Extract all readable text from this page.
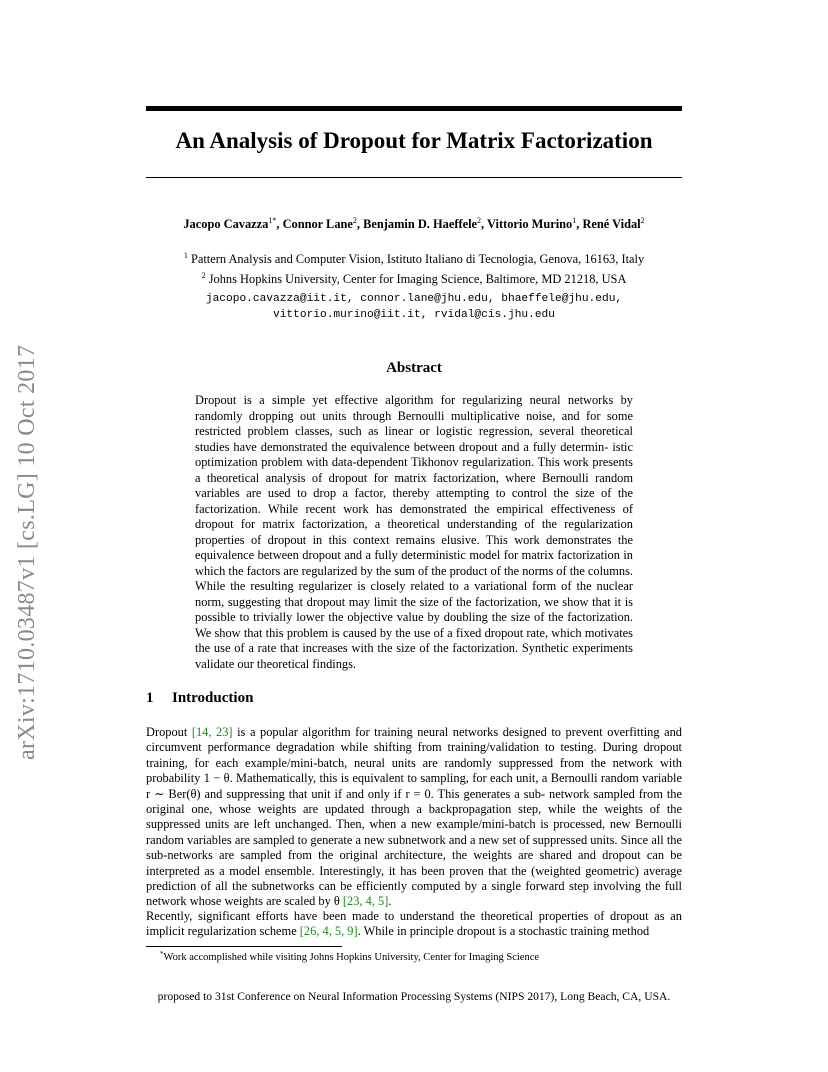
arXiv:1710.03487v1 [cs.LG] 10 Oct 2017
An Analysis of Dropout for Matrix Factorization
Jacopo Cavazza$^{1*}$, Connor Lane$^2$, Benjamin D. Haeffele$^2$, Vittorio Murino$^1$, René Vidal$^2$
$^1$ Pattern Analysis and Computer Vision, Istituto Italiano di Tecnologia, Genova, 16163, Italy
$^2$ Johns Hopkins University, Center for Imaging Science, Baltimore, MD 21218, USA
jacopo.cavazza@iit.it, connor.lane@jhu.edu, bhaeffele@jhu.edu,
vittorio.murino@iit.it, rvidal@cis.jhu.edu
Abstract

Dropout is a simple yet effective algorithm for regularizing neural networks by randomly dropping out units through Bernoulli multiplicative noise, and for some restricted problem classes, such as linear or logistic regression, several theoretical studies have demonstrated the equivalence between dropout and a fully determin- istic optimization problem with data-dependent Tikhonov regularization. This work presents a theoretical analysis of dropout for matrix factorization, where Bernoulli random variables are used to drop a factor, thereby attempting to control the size of the factorization. While recent work has demonstrated the empirical effectiveness of dropout for matrix factorization, a theoretical understanding of the regularization properties of dropout in this context remains elusive. This work demonstrates the equivalence between dropout and a fully deterministic model for matrix factorization in which the factors are regularized by the sum of the product of the norms of the columns. While the resulting regularizer is closely related to a variational form of the nuclear norm, suggesting that dropout may limit the size of the factorization, we show that it is possible to trivially lower the objective value by doubling the size of the factorization. We show that this problem is caused by the use of a fixed dropout rate, which motivates the use of a rate that increases with the size of the factorization. Synthetic experiments validate our theoretical findings.

1 Introduction

Dropout [14, 23] is a popular algorithm for training neural networks designed to prevent overfitting and circumvent performance degradation while shifting from training/validation to testing. During dropout training, for each example/mini-batch, neural units are randomly suppressed from the network with probability 1 − θ. Mathematically, this is equivalent to sampling, for each unit, a Bernoulli random variable r ∼ Ber(θ) and suppressing that unit if and only if r = 0. This generates a sub- network sampled from the original one, whose weights are updated through a backpropagation step, while the weights of the suppressed units are left unchanged. Then, when a new example/mini-batch is processed, new Bernoulli random variables are sampled to generate a new subnetwork and a new set of suppressed units. Since all the sub-networks are sampled from the original architecture, the weights are shared and dropout can be interpreted as a model ensemble. Interestingly, it has been proven that the (weighted geometric) average prediction of all the subnetworks can be efficiently computed by a single forward step involving the full network whose weights are scaled by θ [23, 4, 5].

Recently, significant efforts have been made to understand the theoretical properties of dropout as an implicit regularization scheme [26, 4, 5, 9]. While in principle dropout is a stochastic training method

*Work accomplished while visiting Johns Hopkins University, Center for Imaging Science
proposed to 31st Conference on Neural Information Processing Systems (NIPS 2017), Long Beach, CA, USA.
